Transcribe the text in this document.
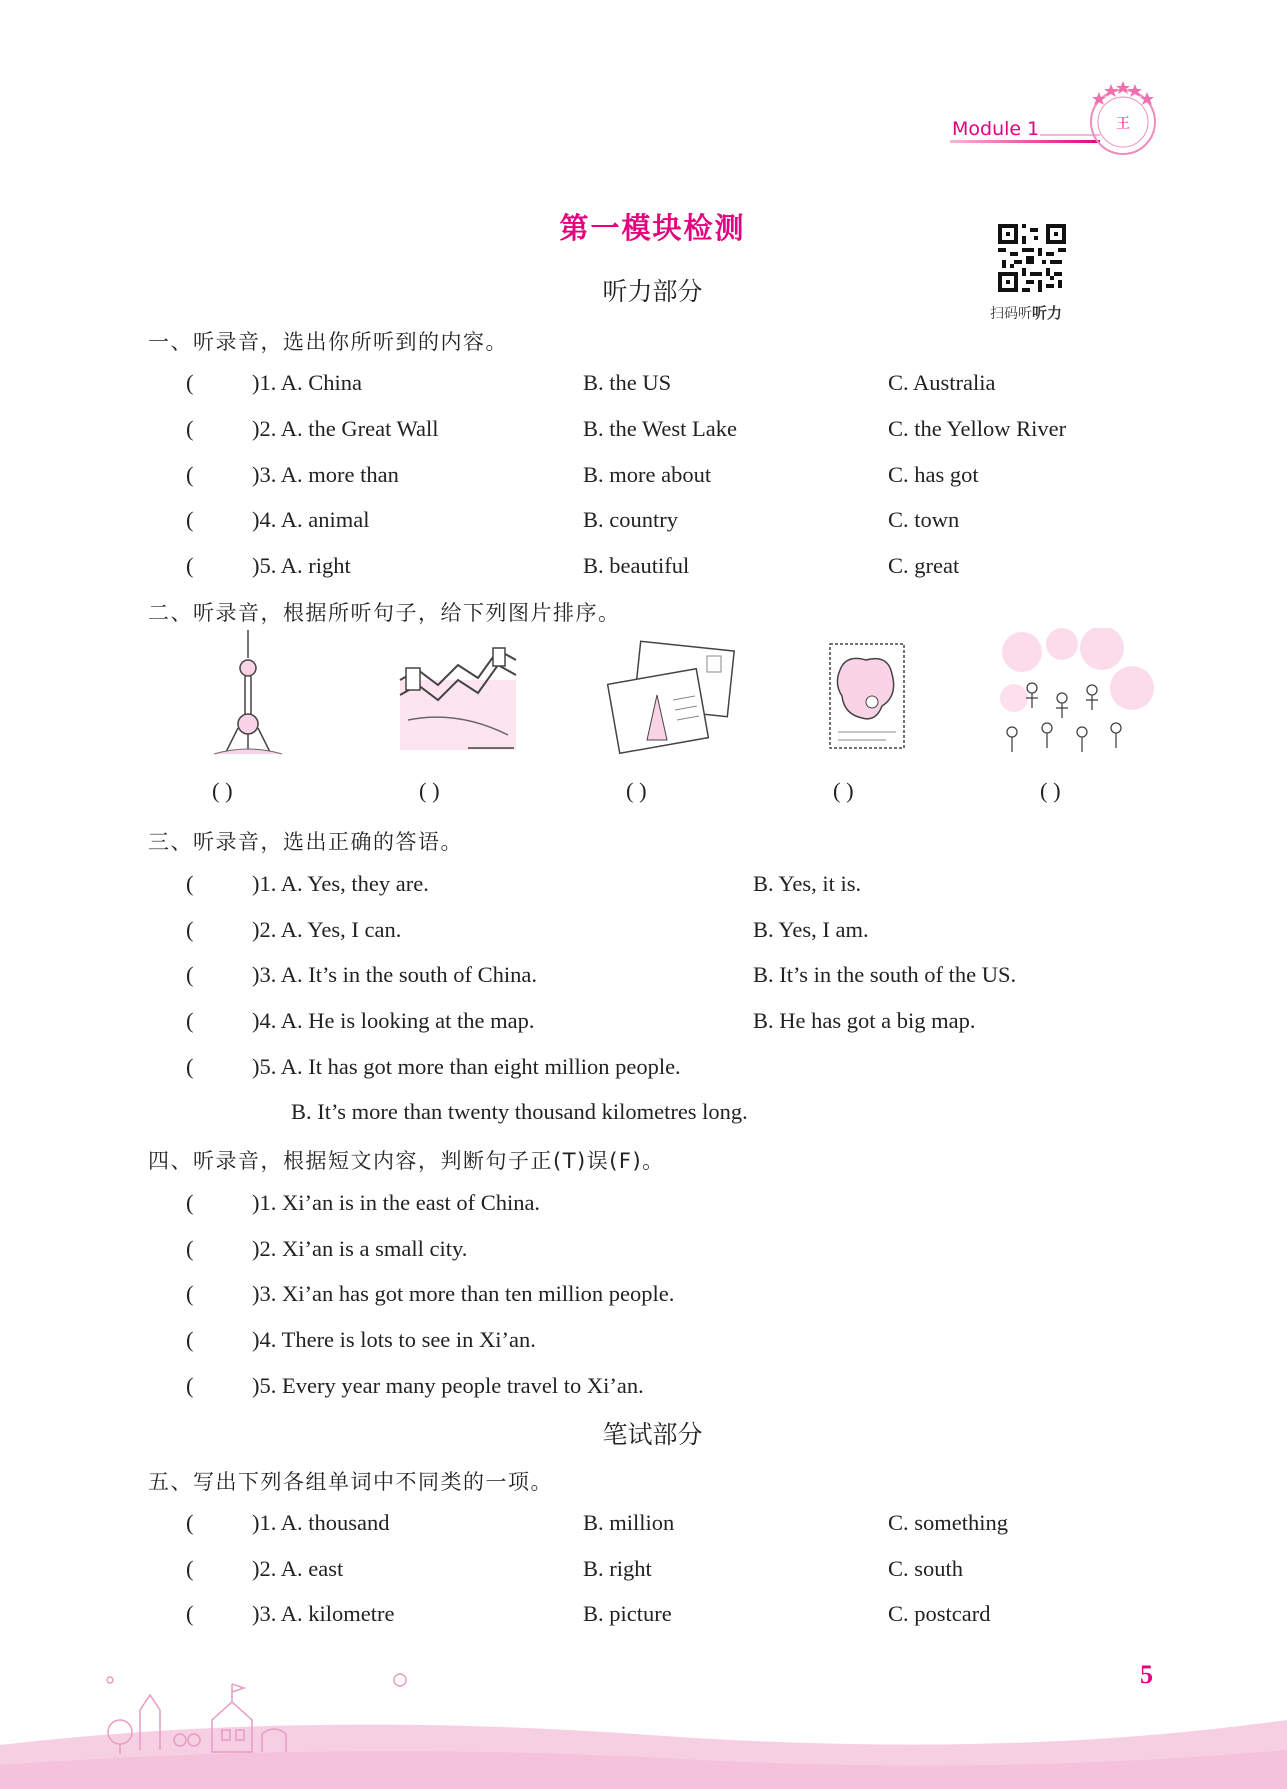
Module 1	王
第一模块检测
扫码听听力
听力部分
一、听录音，选出你所听到的内容。
(	)1. A. China	B. the US	C. Australia
(	)2. A. the Great Wall	B. the West Lake	C. the Yellow River
(	)3. A. more than	B. more about	C. has got
(	)4. A. animal	B. country	C. town
(	)5. A. right	B. beautiful	C. great
二、听录音，根据所听句子，给下列图片排序。
( )	( )	( )	( )	( )
三、听录音，选出正确的答语。
(	)1. A. Yes, they are.	B. Yes, it is.
(	)2. A. Yes, I can.	B. Yes, I am.
(	)3. A. It’s in the south of China.	B. It’s in the south of the US.
(	)4. A. He is looking at the map.	B. He has got a big map.
(	)5. A. It has got more than eight million people.
B. It’s more than twenty thousand kilometres long.
四、听录音，根据短文内容，判断句子正(T)误(F)。
(	)1. Xi’an is in the east of China.
(	)2. Xi’an is a small city.
(	)3. Xi’an has got more than ten million people.
(	)4. There is lots to see in Xi’an.
(	)5. Every year many people travel to Xi’an.
笔试部分
五、写出下列各组单词中不同类的一项。
(	)1. A. thousand	B. million	C. something
(	)2. A. east	B. right	C. south
(	)3. A. kilometre	B. picture	C. postcard
5
